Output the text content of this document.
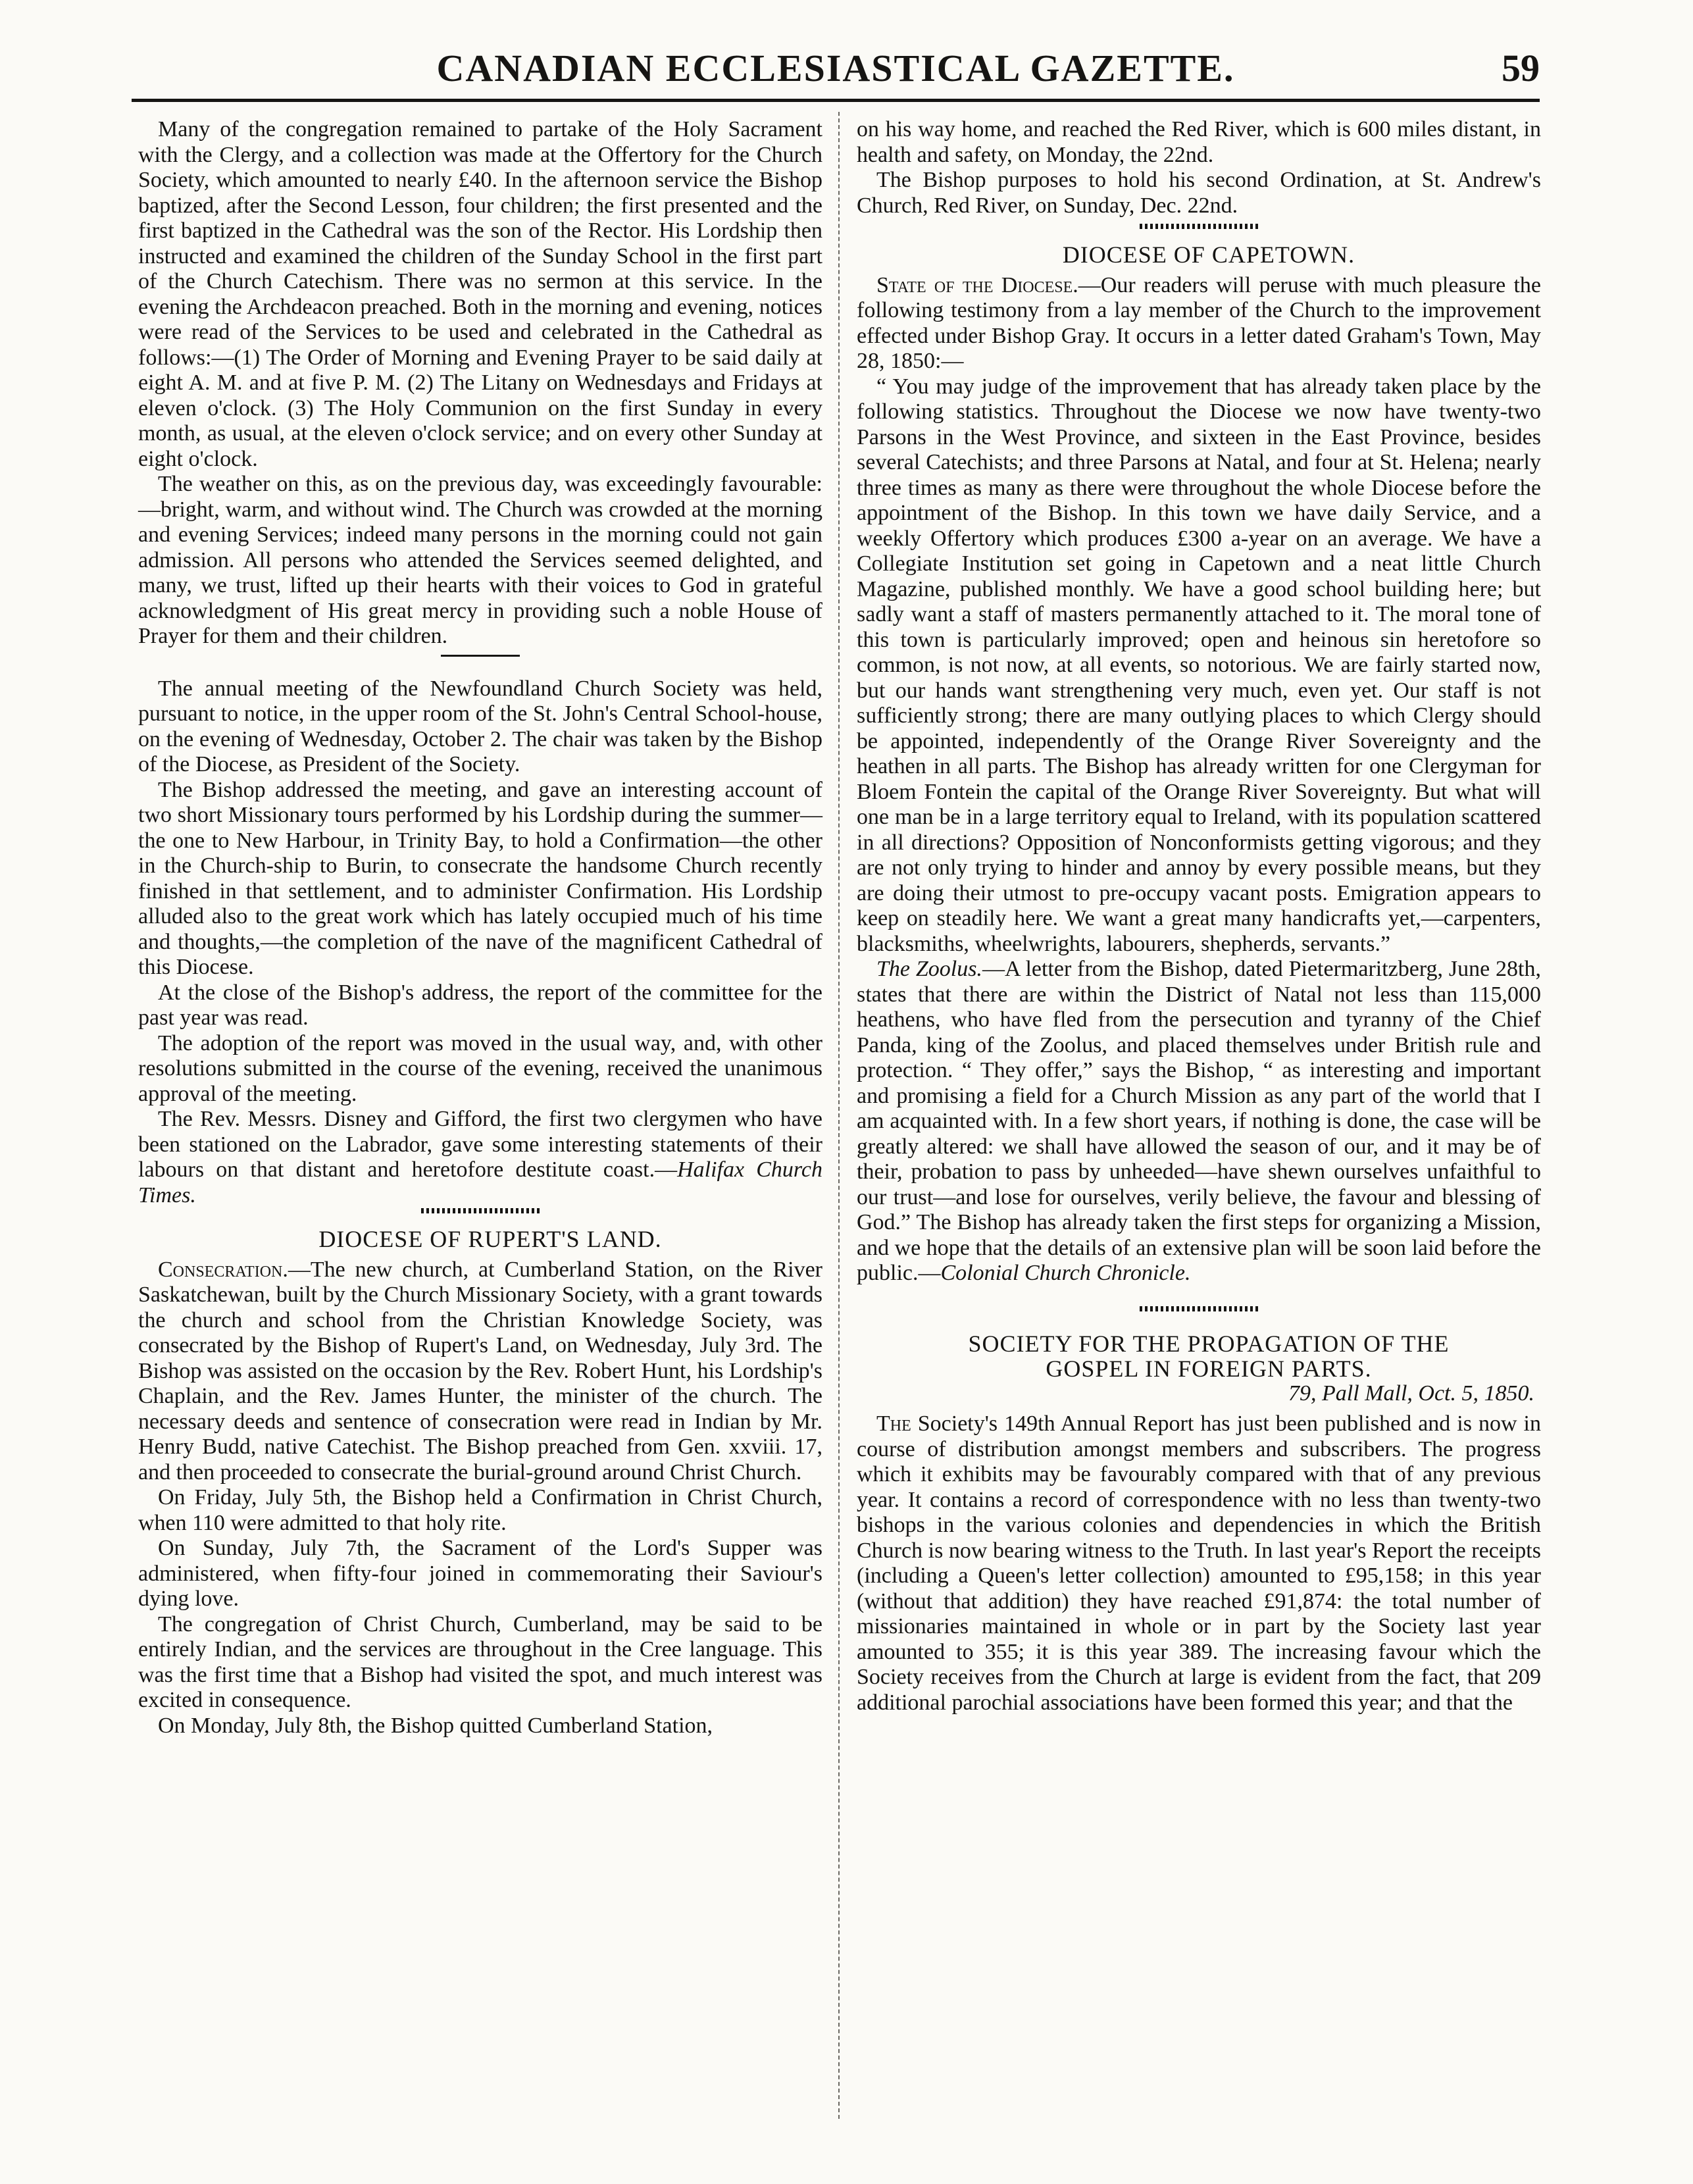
CANADIAN ECCLESIASTICAL GAZETTE.	59

Many of the congregation remained to partake of the Holy Sacrament with the Clergy, and a collection was made at the Offertory for the Church Society, which amounted to nearly £40. In the afternoon service the Bishop baptized, after the Second Lesson, four children; the first presented and the first baptized in the Cathedral was the son of the Rector. His Lordship then instructed and examined the children of the Sunday School in the first part of the Church Catechism. There was no sermon at this service. In the evening the Archdeacon preached. Both in the morning and evening, notices were read of the Services to be used and celebrated in the Cathedral as follows:—(1) The Order of Morning and Evening Prayer to be said daily at eight A. M. and at five P. M. (2) The Litany on Wednesdays and Fridays at eleven o'clock. (3) The Holy Communion on the first Sunday in every month, as usual, at the eleven o'clock service; and on every other Sunday at eight o'clock.

The weather on this, as on the previous day, was exceedingly favourable:—bright, warm, and without wind. The Church was crowded at the morning and evening Services; indeed many persons in the morning could not gain admission. All persons who attended the Services seemed delighted, and many, we trust, lifted up their hearts with their voices to God in grateful acknowledgment of His great mercy in providing such a noble House of Prayer for them and their children.

The annual meeting of the Newfoundland Church Society was held, pursuant to notice, in the upper room of the St. John's Central School-house, on the evening of Wednesday, October 2. The chair was taken by the Bishop of the Diocese, as President of the Society.

The Bishop addressed the meeting, and gave an interesting account of two short Missionary tours performed by his Lordship during the summer—the one to New Harbour, in Trinity Bay, to hold a Confirmation—the other in the Church-ship to Burin, to consecrate the handsome Church recently finished in that settlement, and to administer Confirmation. His Lordship alluded also to the great work which has lately occupied much of his time and thoughts,—the completion of the nave of the magnificent Cathedral of this Diocese.

At the close of the Bishop's address, the report of the committee for the past year was read.

The adoption of the report was moved in the usual way, and, with other resolutions submitted in the course of the evening, received the unanimous approval of the meeting.

The Rev. Messrs. Disney and Gifford, the first two clergymen who have been stationed on the Labrador, gave some interesting statements of their labours on that distant and heretofore destitute coast.—Halifax Church Times.

DIOCESE OF RUPERT'S LAND.

Consecration.—The new church, at Cumberland Station, on the River Saskatchewan, built by the Church Missionary Society, with a grant towards the church and school from the Christian Knowledge Society, was consecrated by the Bishop of Rupert's Land, on Wednesday, July 3rd. The Bishop was assisted on the occasion by the Rev. Robert Hunt, his Lordship's Chaplain, and the Rev. James Hunter, the minister of the church. The necessary deeds and sentence of consecration were read in Indian by Mr. Henry Budd, native Catechist. The Bishop preached from Gen. xxviii. 17, and then proceeded to consecrate the burial-ground around Christ Church.

On Friday, July 5th, the Bishop held a Confirmation in Christ Church, when 110 were admitted to that holy rite.

On Sunday, July 7th, the Sacrament of the Lord's Supper was administered, when fifty-four joined in commemorating their Saviour's dying love.

The congregation of Christ Church, Cumberland, may be said to be entirely Indian, and the services are throughout in the Cree language. This was the first time that a Bishop had visited the spot, and much interest was excited in consequence.

On Monday, July 8th, the Bishop quitted Cumberland Station,

on his way home, and reached the Red River, which is 600 miles distant, in health and safety, on Monday, the 22nd.

The Bishop purposes to hold his second Ordination, at St. Andrew's Church, Red River, on Sunday, Dec. 22nd.

DIOCESE OF CAPETOWN.

State of the Diocese.—Our readers will peruse with much pleasure the following testimony from a lay member of the Church to the improvement effected under Bishop Gray. It occurs in a letter dated Graham's Town, May 28, 1850:—

“ You may judge of the improvement that has already taken place by the following statistics. Throughout the Diocese we now have twenty-two Parsons in the West Province, and sixteen in the East Province, besides several Catechists; and three Parsons at Natal, and four at St. Helena; nearly three times as many as there were throughout the whole Diocese before the appointment of the Bishop. In this town we have daily Service, and a weekly Offertory which produces £300 a-year on an average. We have a Collegiate Institution set going in Capetown and a neat little Church Magazine, published monthly. We have a good school building here; but sadly want a staff of masters permanently attached to it. The moral tone of this town is particularly improved; open and heinous sin heretofore so common, is not now, at all events, so notorious. We are fairly started now, but our hands want strengthening very much, even yet. Our staff is not sufficiently strong; there are many outlying places to which Clergy should be appointed, independently of the Orange River Sovereignty and the heathen in all parts. The Bishop has already written for one Clergyman for Bloem Fontein the capital of the Orange River Sovereignty. But what will one man be in a large territory equal to Ireland, with its population scattered in all directions? Opposition of Nonconformists getting vigorous; and they are not only trying to hinder and annoy by every possible means, but they are doing their utmost to pre-occupy vacant posts. Emigration appears to keep on steadily here. We want a great many handicrafts yet,—carpenters, blacksmiths, wheelwrights, labourers, shepherds, servants.”

The Zoolus.—A letter from the Bishop, dated Pietermaritzberg, June 28th, states that there are within the District of Natal not less than 115,000 heathens, who have fled from the persecution and tyranny of the Chief Panda, king of the Zoolus, and placed themselves under British rule and protection. “ They offer,” says the Bishop, “ as interesting and important and promising a field for a Church Mission as any part of the world that I am acquainted with. In a few short years, if nothing is done, the case will be greatly altered: we shall have allowed the season of our, and it may be of their, probation to pass by unheeded—have shewn ourselves unfaithful to our trust—and lose for ourselves, verily believe, the favour and blessing of God.” The Bishop has already taken the first steps for organizing a Mission, and we hope that the details of an extensive plan will be soon laid before the public.—Colonial Church Chronicle.

SOCIETY FOR THE PROPAGATION OF THE

GOSPEL IN FOREIGN PARTS.

79, Pall Mall, Oct. 5, 1850.

The Society's 149th Annual Report has just been published and is now in course of distribution amongst members and subscribers. The progress which it exhibits may be favourably compared with that of any previous year. It contains a record of correspondence with no less than twenty-two bishops in the various colonies and dependencies in which the British Church is now bearing witness to the Truth. In last year's Report the receipts (including a Queen's letter collection) amounted to £95,158; in this year (without that addition) they have reached £91,874: the total number of missionaries maintained in whole or in part by the Society last year amounted to 355; it is this year 389. The increasing favour which the Society receives from the Church at large is evident from the fact, that 209 additional parochial associations have been formed this year; and that the
